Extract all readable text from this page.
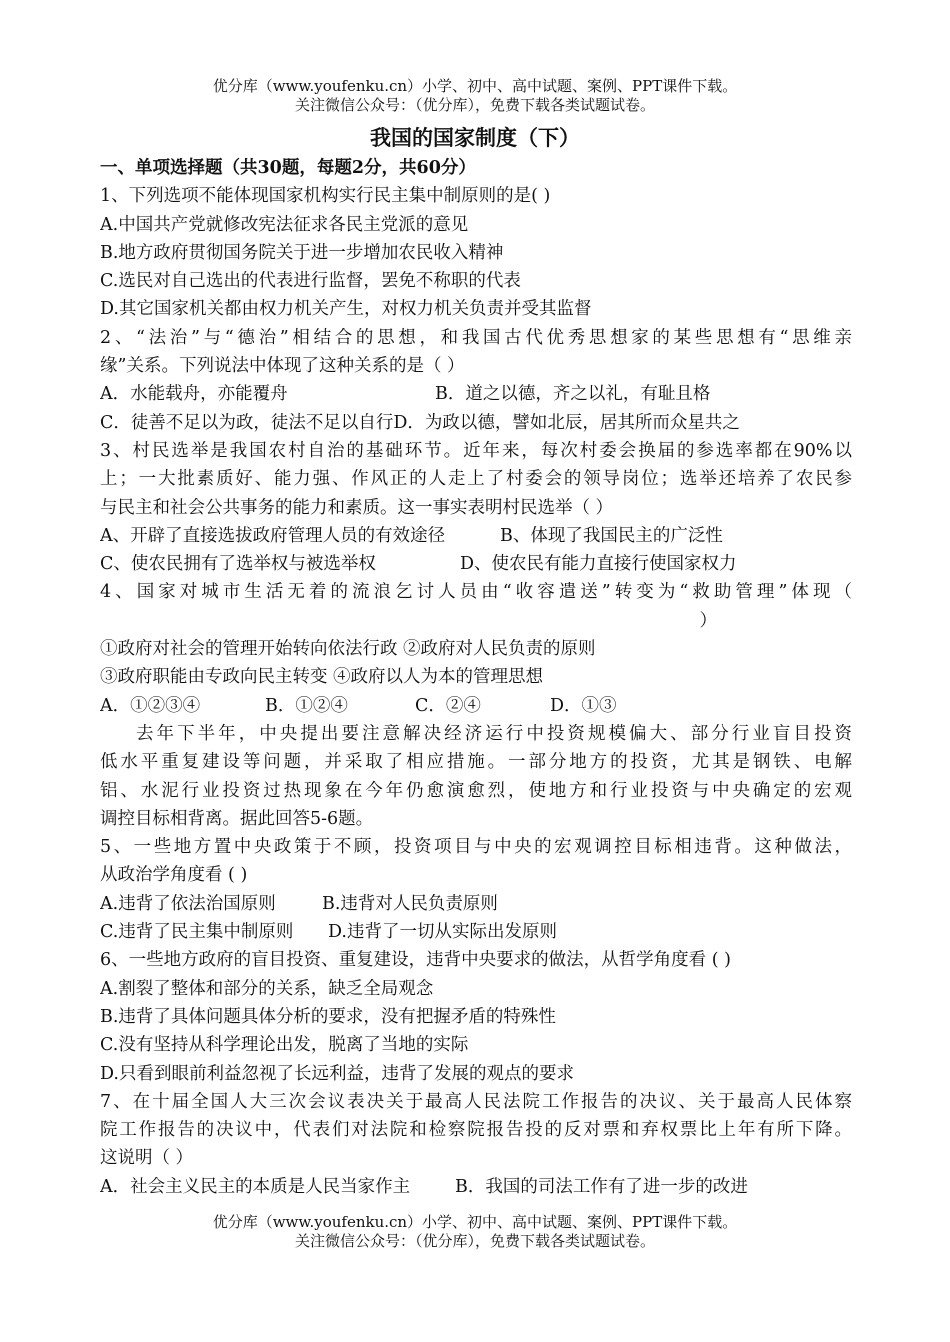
优分库（www.youfenku.cn）小学、初中、高中试题、案例、PPT课件下载。
关注微信公众号：（优分库），免费下载各类试题试卷。
我国的国家制度（下）
一、单项选择题（共30题，每题2分，共60分）
1、下列选项不能体现国家机构实行民主集中制原则的是( )
A.中国共产党就修改宪法征求各民主党派的意见
B.地方政府贯彻国务院关于进一步增加农民收入精神
C.选民对自己选出的代表进行监督，罢免不称职的代表
D.其它国家机关都由权力机关产生，对权力机关负责并受其监督
2、“法治”与“德治”相结合的思想，和我国古代优秀思想家的某些思想有“思维亲
缘”关系。下列说法中体现了这种关系的是（ ）
A．水能载舟，亦能覆舟	B．道之以德，齐之以礼，有耻且格
C．徒善不足以为政，徒法不足以自行D．为政以德，譬如北辰，居其所而众星共之
3、村民选举是我国农村自治的基础环节。近年来，每次村委会换届的参选率都在90%以
上；一大批素质好、能力强、作风正的人走上了村委会的领导岗位；选举还培养了农民参
与民主和社会公共事务的能力和素质。这一事实表明村民选举（ ）
A、开辟了直接选拔政府管理人员的有效途径	B、体现了我国民主的广泛性
C、使农民拥有了选举权与被选举权	D、使农民有能力直接行使国家权力
4、国家对城市生活无着的流浪乞讨人员由“收容遣送”转变为“救助管理”体现（
）
①政府对社会的管理开始转向依法行政 ②政府对人民负责的原则
③政府职能由专政向民主转变 ④政府以人为本的管理思想
A．①②③④	B．①②④	C．②④	D．①③
去年下半年，中央提出要注意解决经济运行中投资规模偏大、部分行业盲目投资
低水平重复建设等问题，并采取了相应措施。一部分地方的投资，尤其是钢铁、电解
铝、水泥行业投资过热现象在今年仍愈演愈烈，使地方和行业投资与中央确定的宏观
调控目标相背离。据此回答5-6题。
5、一些地方置中央政策于不顾，投资项目与中央的宏观调控目标相违背。这种做法，
从政治学角度看 ( )
A.违背了依法治国原则	B.违背对人民负责原则
C.违背了民主集中制原则 D.违背了一切从实际出发原则
6、一些地方政府的盲目投资、重复建设，违背中央要求的做法，从哲学角度看 ( )
A.割裂了整体和部分的关系，缺乏全局观念
B.违背了具体问题具体分析的要求，没有把握矛盾的特殊性
C.没有坚持从科学理论出发，脱离了当地的实际
D.只看到眼前利益忽视了长远利益，违背了发展的观点的要求
7、在十届全国人大三次会议表决关于最高人民法院工作报告的决议、关于最高人民体察
院工作报告的决议中，代表们对法院和检察院报告投的反对票和弃权票比上年有所下降。
这说明（ ）
A．社会主义民主的本质是人民当家作主	B．我国的司法工作有了进一步的改进
优分库（www.youfenku.cn）小学、初中、高中试题、案例、PPT课件下载。
关注微信公众号：（优分库），免费下载各类试题试卷。
